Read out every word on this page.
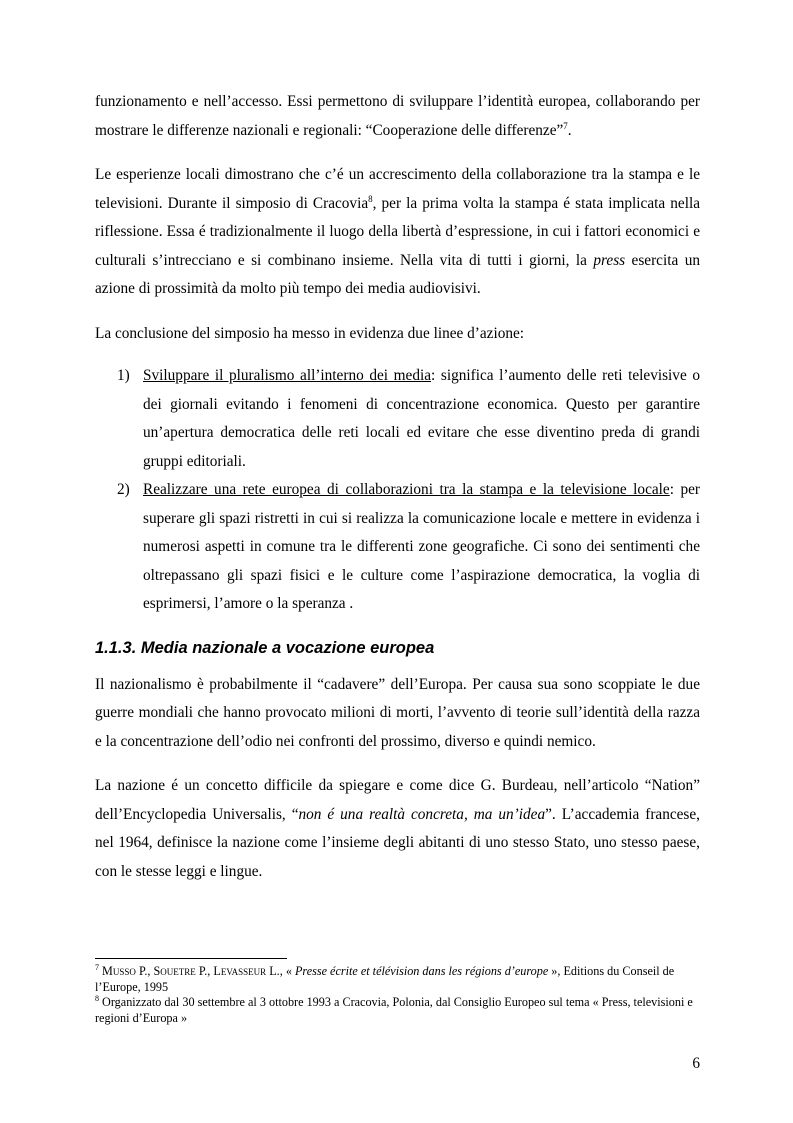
funzionamento e nell’accesso. Essi permettono di sviluppare l’identità europea, collaborando per mostrare le differenze nazionali e regionali: “Cooperazione delle differenze”$^7$.

Le esperienze locali dimostrano che c’é un accrescimento della collaborazione tra la stampa e le televisioni. Durante il simposio di Cracovia$^8$, per la prima volta la stampa é stata implicata nella riflessione. Essa é tradizionalmente il luogo della libertà d’espressione, in cui i fattori economici e culturali s’intrecciano e si combinano insieme. Nella vita di tutti i giorni, la press esercita un azione di prossimità da molto più tempo dei media audiovisivi.

La conclusione del simposio ha messo in evidenza due linee d’azione:

1) Sviluppare il pluralismo all’interno dei media: significa l’aumento delle reti televisive o dei giornali evitando i fenomeni di concentrazione economica. Questo per garantire un’apertura democratica delle reti locali ed evitare che esse diventino preda di grandi gruppi editoriali.
2) Realizzare una rete europea di collaborazioni tra la stampa e la televisione locale: per superare gli spazi ristretti in cui si realizza la comunicazione locale e mettere in evidenza i numerosi aspetti in comune tra le differenti zone geografiche. Ci sono dei sentimenti che oltrepassano gli spazi fisici e le culture come l’aspirazione democratica, la voglia di esprimersi, l’amore o la speranza .
1.1.3. Media nazionale a vocazione europea

Il nazionalismo è probabilmente il “cadavere” dell’Europa. Per causa sua sono scoppiate le due guerre mondiali che hanno provocato milioni di morti, l’avvento di teorie sull’identità della razza e la concentrazione dell’odio nei confronti del prossimo, diverso e quindi nemico.

La nazione é un concetto difficile da spiegare e come dice G. Burdeau, nell’articolo “Nation” dell’Encyclopedia Universalis, “non é una realtà concreta, ma un’idea”. L’accademia francese, nel 1964, definisce la nazione come l’insieme degli abitanti di uno stesso Stato, uno stesso paese, con le stesse leggi e lingue.

$^7$ Musso P., Souetre P., Levasseur L., « Presse écrite et télévision dans les régions d’europe », Editions du Conseil de l’Europe, 1995

$^8$ Organizzato dal 30 settembre al 3 ottobre 1993 a Cracovia, Polonia, dal Consiglio Europeo sul tema « Press, televisioni e regioni d’Europa »

6
